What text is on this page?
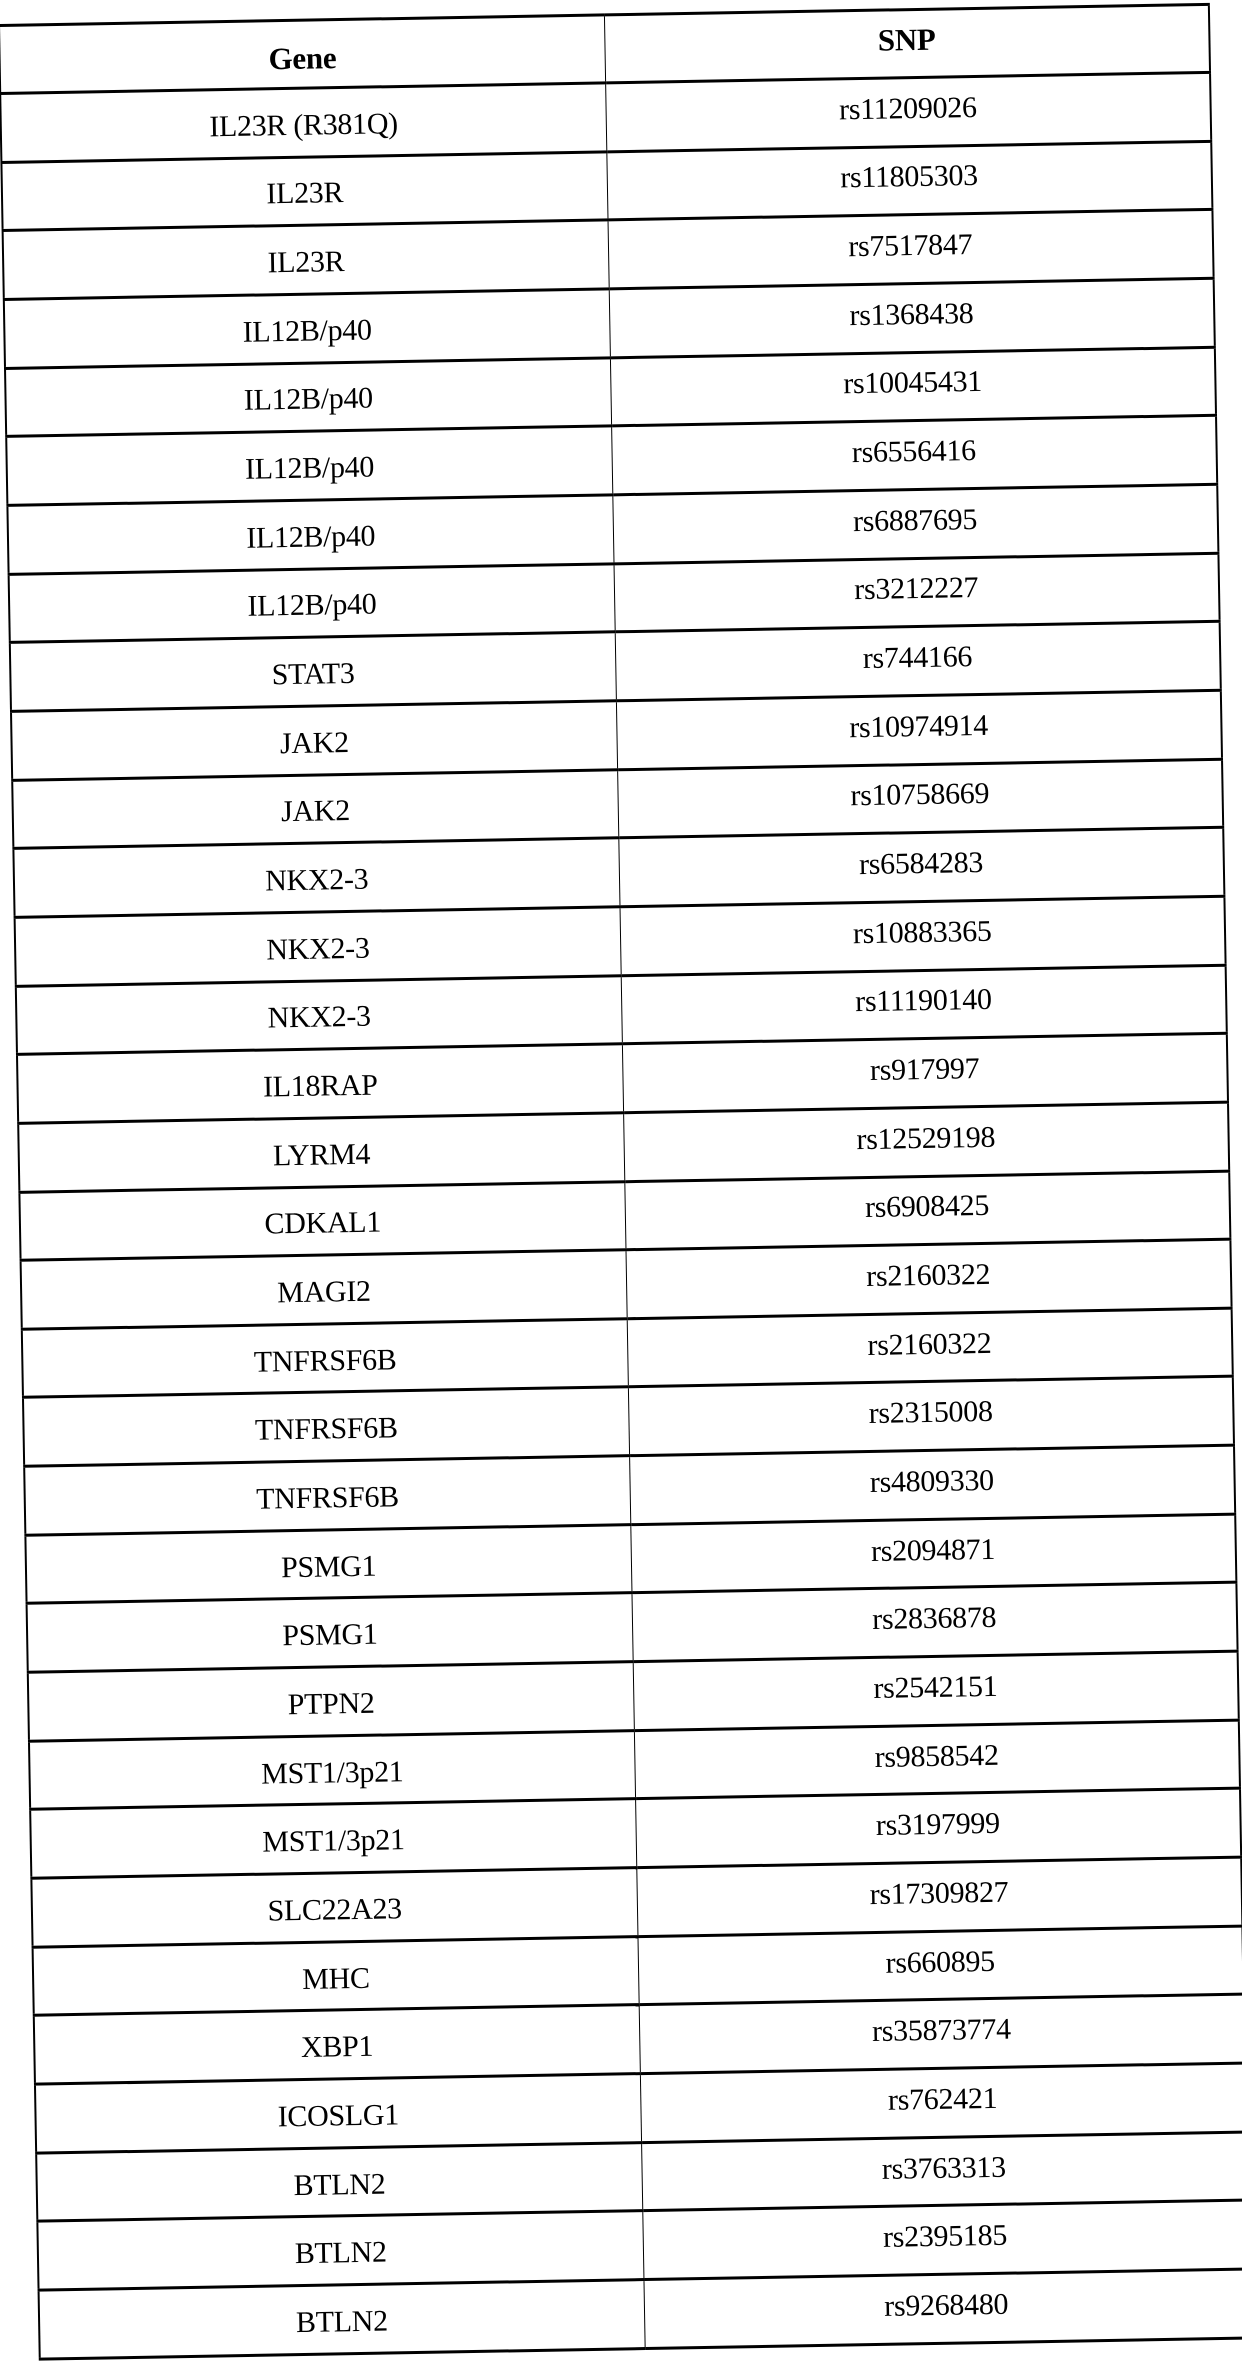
Gene	SNP
IL23R (R381Q)	rs11209026
IL23R	rs11805303
IL23R	rs7517847
IL12B/p40	rs1368438
IL12B/p40	rs10045431
IL12B/p40	rs6556416
IL12B/p40	rs6887695
IL12B/p40	rs3212227
STAT3	rs744166
JAK2	rs10974914
JAK2	rs10758669
NKX2-3	rs6584283
NKX2-3	rs10883365
NKX2-3	rs11190140
IL18RAP	rs917997
LYRM4	rs12529198
CDKAL1	rs6908425
MAGI2	rs2160322
TNFRSF6B	rs2160322
TNFRSF6B	rs2315008
TNFRSF6B	rs4809330
PSMG1	rs2094871
PSMG1	rs2836878
PTPN2	rs2542151
MST1/3p21	rs9858542
MST1/3p21	rs3197999
SLC22A23	rs17309827
MHC	rs660895
XBP1	rs35873774
ICOSLG1	rs762421
BTLN2	rs3763313
BTLN2	rs2395185
BTLN2	rs9268480
